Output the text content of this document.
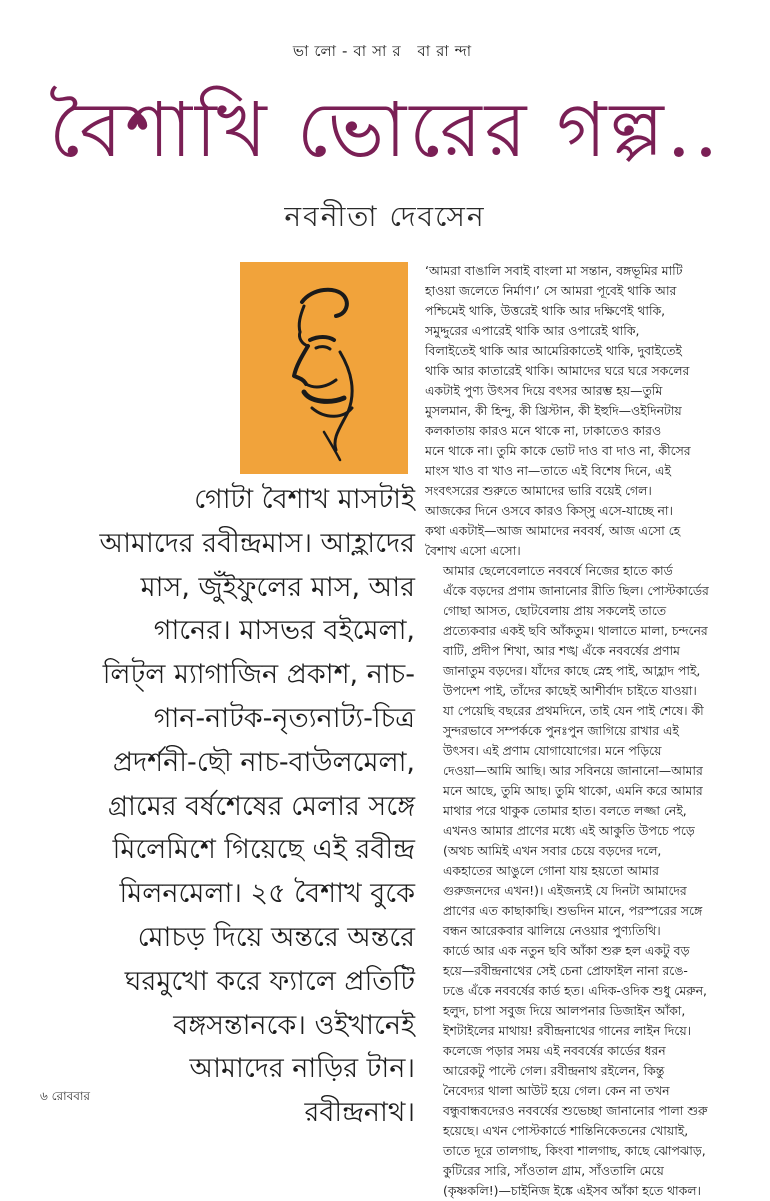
ভালো-বাসার বারান্দা
বৈশাখি ভোরের গল্প..
নবনীতা দেবসেন
গোটা বৈশাখ মাসটাই
আমাদের রবীন্দ্রমাস। আহ্লাদের
মাস, জুঁইফুলের মাস, আর
গানের। মাসভর বইমেলা,
লিট্‌ল ম্যাগাজিন প্রকাশ, নাচ-
গান-নাটক-নৃত্যনাট্য-চিত্র
প্রদর্শনী-ছৌ নাচ-বাউলমেলা,
গ্রামের বর্ষশেষের মেলার সঙ্গে
মিলেমিশে গিয়েছে এই রবীন্দ্র
মিলনমেলা। ২৫ বৈশাখ বুকে
মোচড় দিয়ে অন্তরে অন্তরে
ঘরমুখো করে ফ্যালে প্রতিটি
বঙ্গসন্তানকে। ওইখানেই
আমাদের নাড়ির টান।
রবীন্দ্রনাথ।

‘আমরা বাঙালি সবাই বাংলা মা সন্তান, বঙ্গভূমির মাটি
হাওয়া জলেতে নির্মাণ।’ সে আমরা পূবেই থাকি আর
পশ্চিমেই থাকি, উত্তরেই থাকি আর দক্ষিণেই থাকি,
সমুদ্দুরের এপারেই থাকি আর ওপারেই থাকি,
বিলাইতেই থাকি আর আমেরিকাতেই থাকি, দুবাইতেই
থাকি আর কাতারেই থাকি। আমাদের ঘরে ঘরে সকলের
একটাই পুণ্য উৎসব দিয়ে বৎসর আরম্ভ হয়—তুমি
মুসলমান, কী হিন্দু, কী খ্রিস্টান, কী ইহুদি—ওইদিনটায়
কলকাতায় কারও মনে থাকে না, ঢাকাতেও কারও
মনে থাকে না। তুমি কাকে ভোট দাও বা দাও না, কীসের
মাংস খাও বা খাও না—তাতে এই বিশেষ দিনে, এই
সংবৎসরের শুরুতে আমাদের ভারি বয়েই গেল।
আজকের দিনে ওসবে কারও কিস্সু এসে-যাচ্ছে না।
কথা একটাই—আজ আমাদের নববর্ষ, আজ এসো হে
বৈশাখ এসো এসো।

আমার ছেলেবেলাতে নববর্ষে নিজের হাতে কার্ড
এঁকে বড়দের প্রণাম জানানোর রীতি ছিল। পোস্টকার্ডের
গোছা আসত, ছোটবেলায় প্রায় সকলেই তাতে
প্রত্যেকবার একই ছবি আঁকতুম। থালাতে মালা, চন্দনের
বাটি, প্রদীপ শিখা, আর শঙ্খ এঁকে নববর্ষের প্রণাম
জানাতুম বড়দের। যাঁদের কাছে স্নেহ পাই, আহ্লাদ পাই,
উপদেশ পাই, তাঁদের কাছেই আশীর্বাদ চাইতে যাওয়া।
যা পেয়েছি বছরের প্রথমদিনে, তাই যেন পাই শেষে। কী
সুন্দরভাবে সম্পর্ককে পুনঃপুন জাগিয়ে রাখার এই
উৎসব। এই প্রণাম যোগাযোগের। মনে পড়িয়ে
দেওয়া—আমি আছি। আর সবিনয়ে জানানো—আমার
মনে আছে, তুমি আছ। তুমি থাকো, এমনি করে আমার
মাথার পরে থাকুক তোমার হাত। বলতে লজ্জা নেই,
এখনও আমার প্রাণের মধ্যে এই আকুতি উপচে পড়ে
(অথচ আমিই এখন সবার চেয়ে বড়দের দলে,
একহাতের আঙুলে গোনা যায় হয়তো আমার
গুরুজনদের এখন!)। এইজন্যই যে দিনটা আমাদের
প্রাণের এত কাছাকাছি। শুভদিন মানে, পরস্পরের সঙ্গে
বন্ধন আরেকবার ঝালিয়ে নেওয়ার পুণ্যতিথি।

কার্ডে আর এক নতুন ছবি আঁকা শুরু হল একটু বড়
হয়ে—রবীন্দ্রনাথের সেই চেনা প্রোফাইল নানা রঙে-
ঢঙে এঁকে নববর্ষের কার্ড হত। এদিক-ওদিক শুধু মেরুন,
হলুদ, চাপা সবুজ দিয়ে আলপনার ডিজাইন আঁকা,
ইশটাইলের মাথায়! রবীন্দ্রনাথের গানের লাইন দিয়ে।
কলেজে পড়ার সময় এই নববর্ষের কার্ডের ধরন
আরেকটু পাল্টে গেল। রবীন্দ্রনাথ রইলেন, কিন্তু
নৈবেদ্যর থালা আউট হয়ে গেল। কেন না তখন
বন্ধুবান্ধবদেরও নববর্ষের শুভেচ্ছা জানানোর পালা শুরু
হয়েছে। এখন পোস্টকার্ডে শান্তিনিকেতনের খোয়াই,
তাতে দূরে তালগাছ, কিংবা শালগাছ, কাছে ঝোপঝাড়,
কুটিরের সারি, সাঁওতাল গ্রাম, সাঁওতালি মেয়ে
(কৃষ্ণকলি!)—চাইনিজ ইঙ্কে এইসব আঁকা হতে থাকল।

৬ রোববার
